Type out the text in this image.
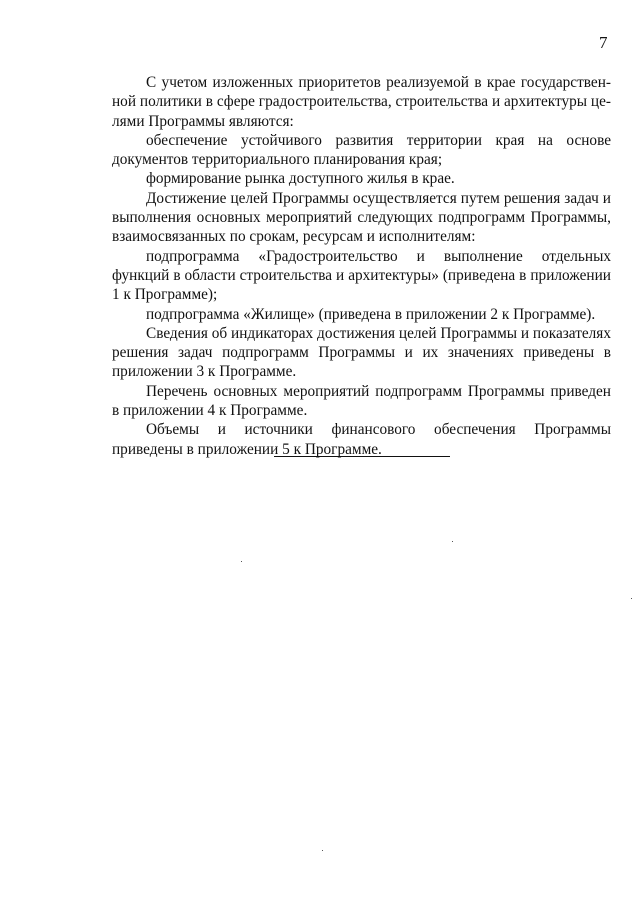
7

С учетом изложенных приоритетов реализуемой в крае государственной политики в сфере градостроительства, строительства и архитектуры целями Программы являются:

обеспечение устойчивого развития территории края на основе документов территориального планирования края;

формирование рынка доступного жилья в крае.

Достижение целей Программы осуществляется путем решения задач и выполнения основных мероприятий следующих подпрограмм Программы, взаимосвязанных по срокам, ресурсам и исполнителям:

подпрограмма «Градостроительство и выполнение отдельных функций в области строительства и архитектуры» (приведена в приложении 1 к Программе);

подпрограмма «Жилище» (приведена в приложении 2 к Программе).

Сведения об индикаторах достижения целей Программы и показателях решения задач подпрограмм Программы и их значениях приведены в приложении 3 к Программе.

Перечень основных мероприятий подпрограмм Программы приведен в приложении 4 к Программе.

Объемы и источники финансового обеспечения Программы приведены в приложении 5 к Программе.
